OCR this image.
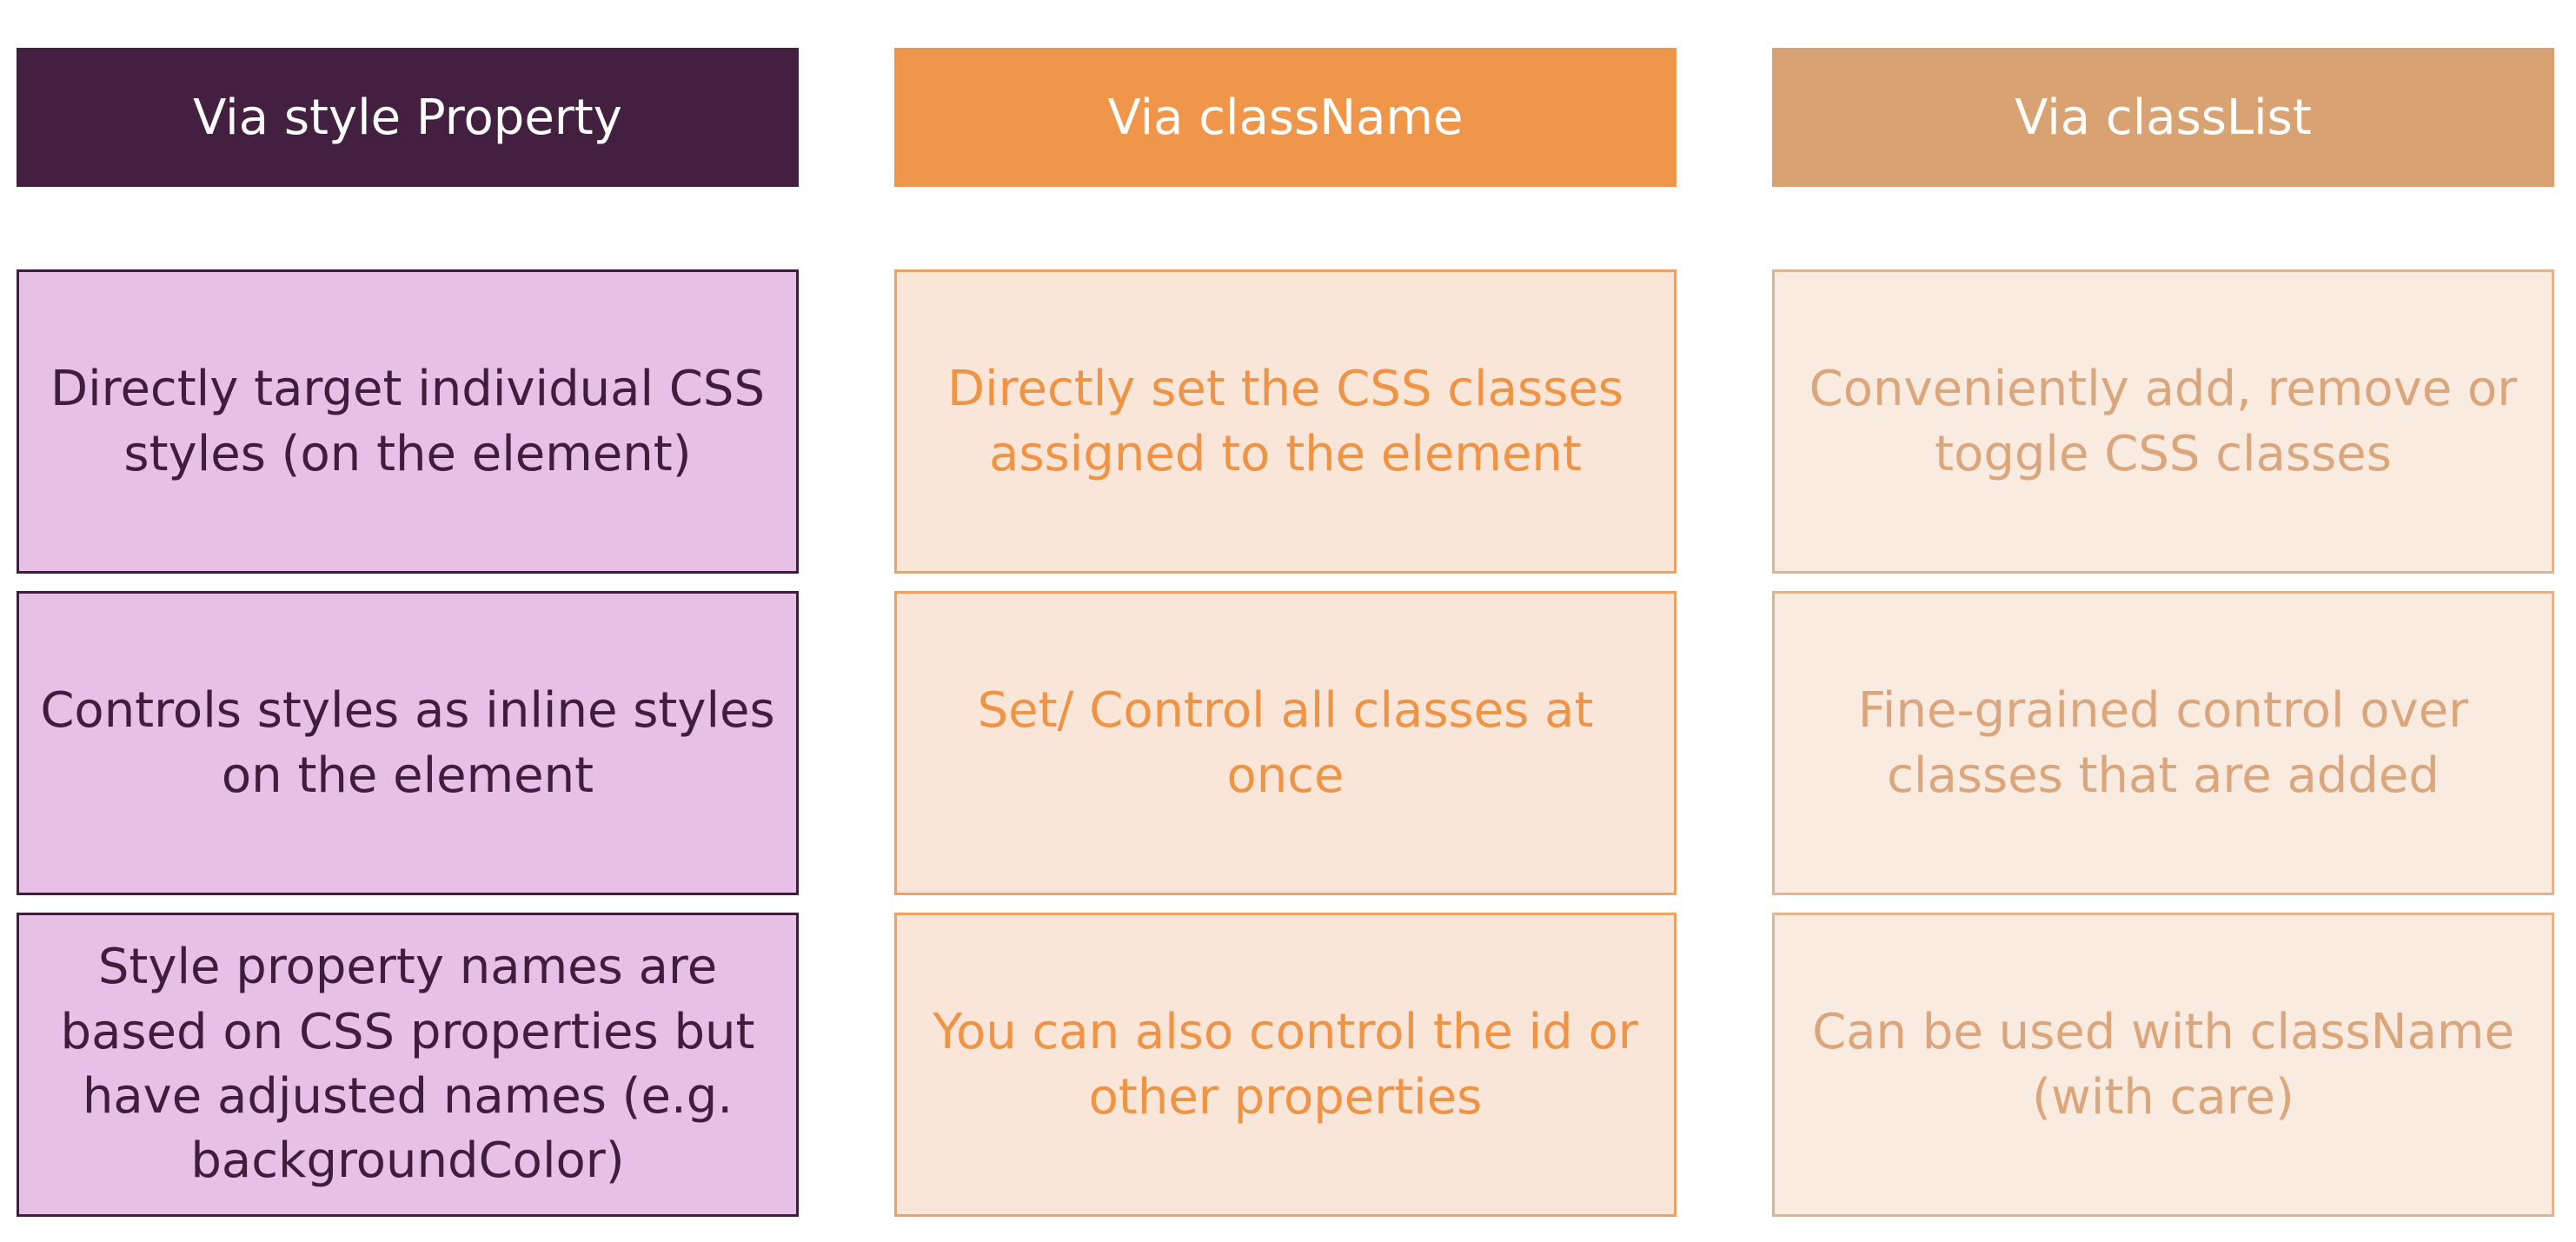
Via style Property
Directly target individual CSS styles (on the element)
Controls styles as inline styles on the element
Style property names are based on CSS properties but have adjusted names (e.g. backgroundColor)
Via className
Directly set the CSS classes assigned to the element
Set/ Control all classes at once
You can also control the id or other properties
Via classList
Conveniently add, remove or toggle CSS classes
Fine-grained control over classes that are added
Can be used with className (with care)
